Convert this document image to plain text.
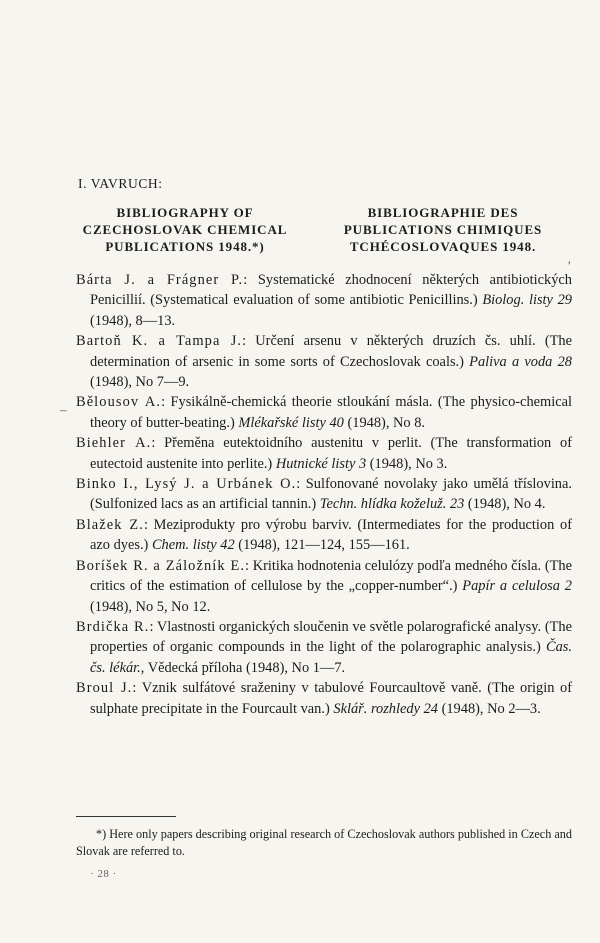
I. VAVRUCH:
BIBLIOGRAPHY OF
CZECHOSLOVAK CHEMICAL
PUBLICATIONS 1948.*)
BIBLIOGRAPHIE DES
PUBLICATIONS CHIMIQUES
TCHÉCOSLOVAQUES 1948.
ʹ
–

Bárta J. a Frágner P.: Systematické zhodnocení některých antibiotických Penicillií. (Systematical evaluation of some antibiotic Penicillins.) Biolog. listy 29 (1948), 8—13.

Bartoň K. a Tampa J.: Určení arsenu v některých druzích čs. uhlí. (The determination of arsenic in some sorts of Czechoslovak coals.) Paliva a voda 28 (1948), No 7—9.

Bělousov A.: Fysikálně-chemická theorie stloukání másla. (The physico-chemical theory of butter-beating.) Mlékařské listy 40 (1948), No 8.

Biehler A.: Přeměna eutektoidního austenitu v perlit. (The transformation of eutectoid austenite into perlite.) Hutnické listy 3 (1948), No 3.

Binko I., Lysý J. a Urbánek O.: Sulfonované novolaky jako umělá tříslovina. (Sulfonized lacs as an artificial tannin.) Techn. hlídka koželuž. 23 (1948), No 4.

Blažek Z.: Meziprodukty pro výrobu barviv. (Intermediates for the production of azo dyes.) Chem. listy 42 (1948), 121—124, 155—161.

Boríšek R. a Záložník E.: Kritika hodnotenia celulózy podľa medného čísla. (The critics of the estimation of cellulose by the „copper-number“.) Papír a celulosa 2 (1948), No 5, No 12.

Brdička R.: Vlastnosti organických sloučenin ve světle polarografické analysy. (The properties of organic compounds in the light of the polarographic analysis.) Čas. čs. lékár., Vědecká příloha (1948), No 1—7.

Broul J.: Vznik sulfátové sraženiny v tabulové Fourcaultově vaně. (The origin of sulphate precipitate in the Fourcault van.) Sklář. rozhledy 24 (1948), No 2—3.

*) Here only papers describing original research of Czechoslovak authors published in Czech and Slovak are referred to.
· 28 ·
